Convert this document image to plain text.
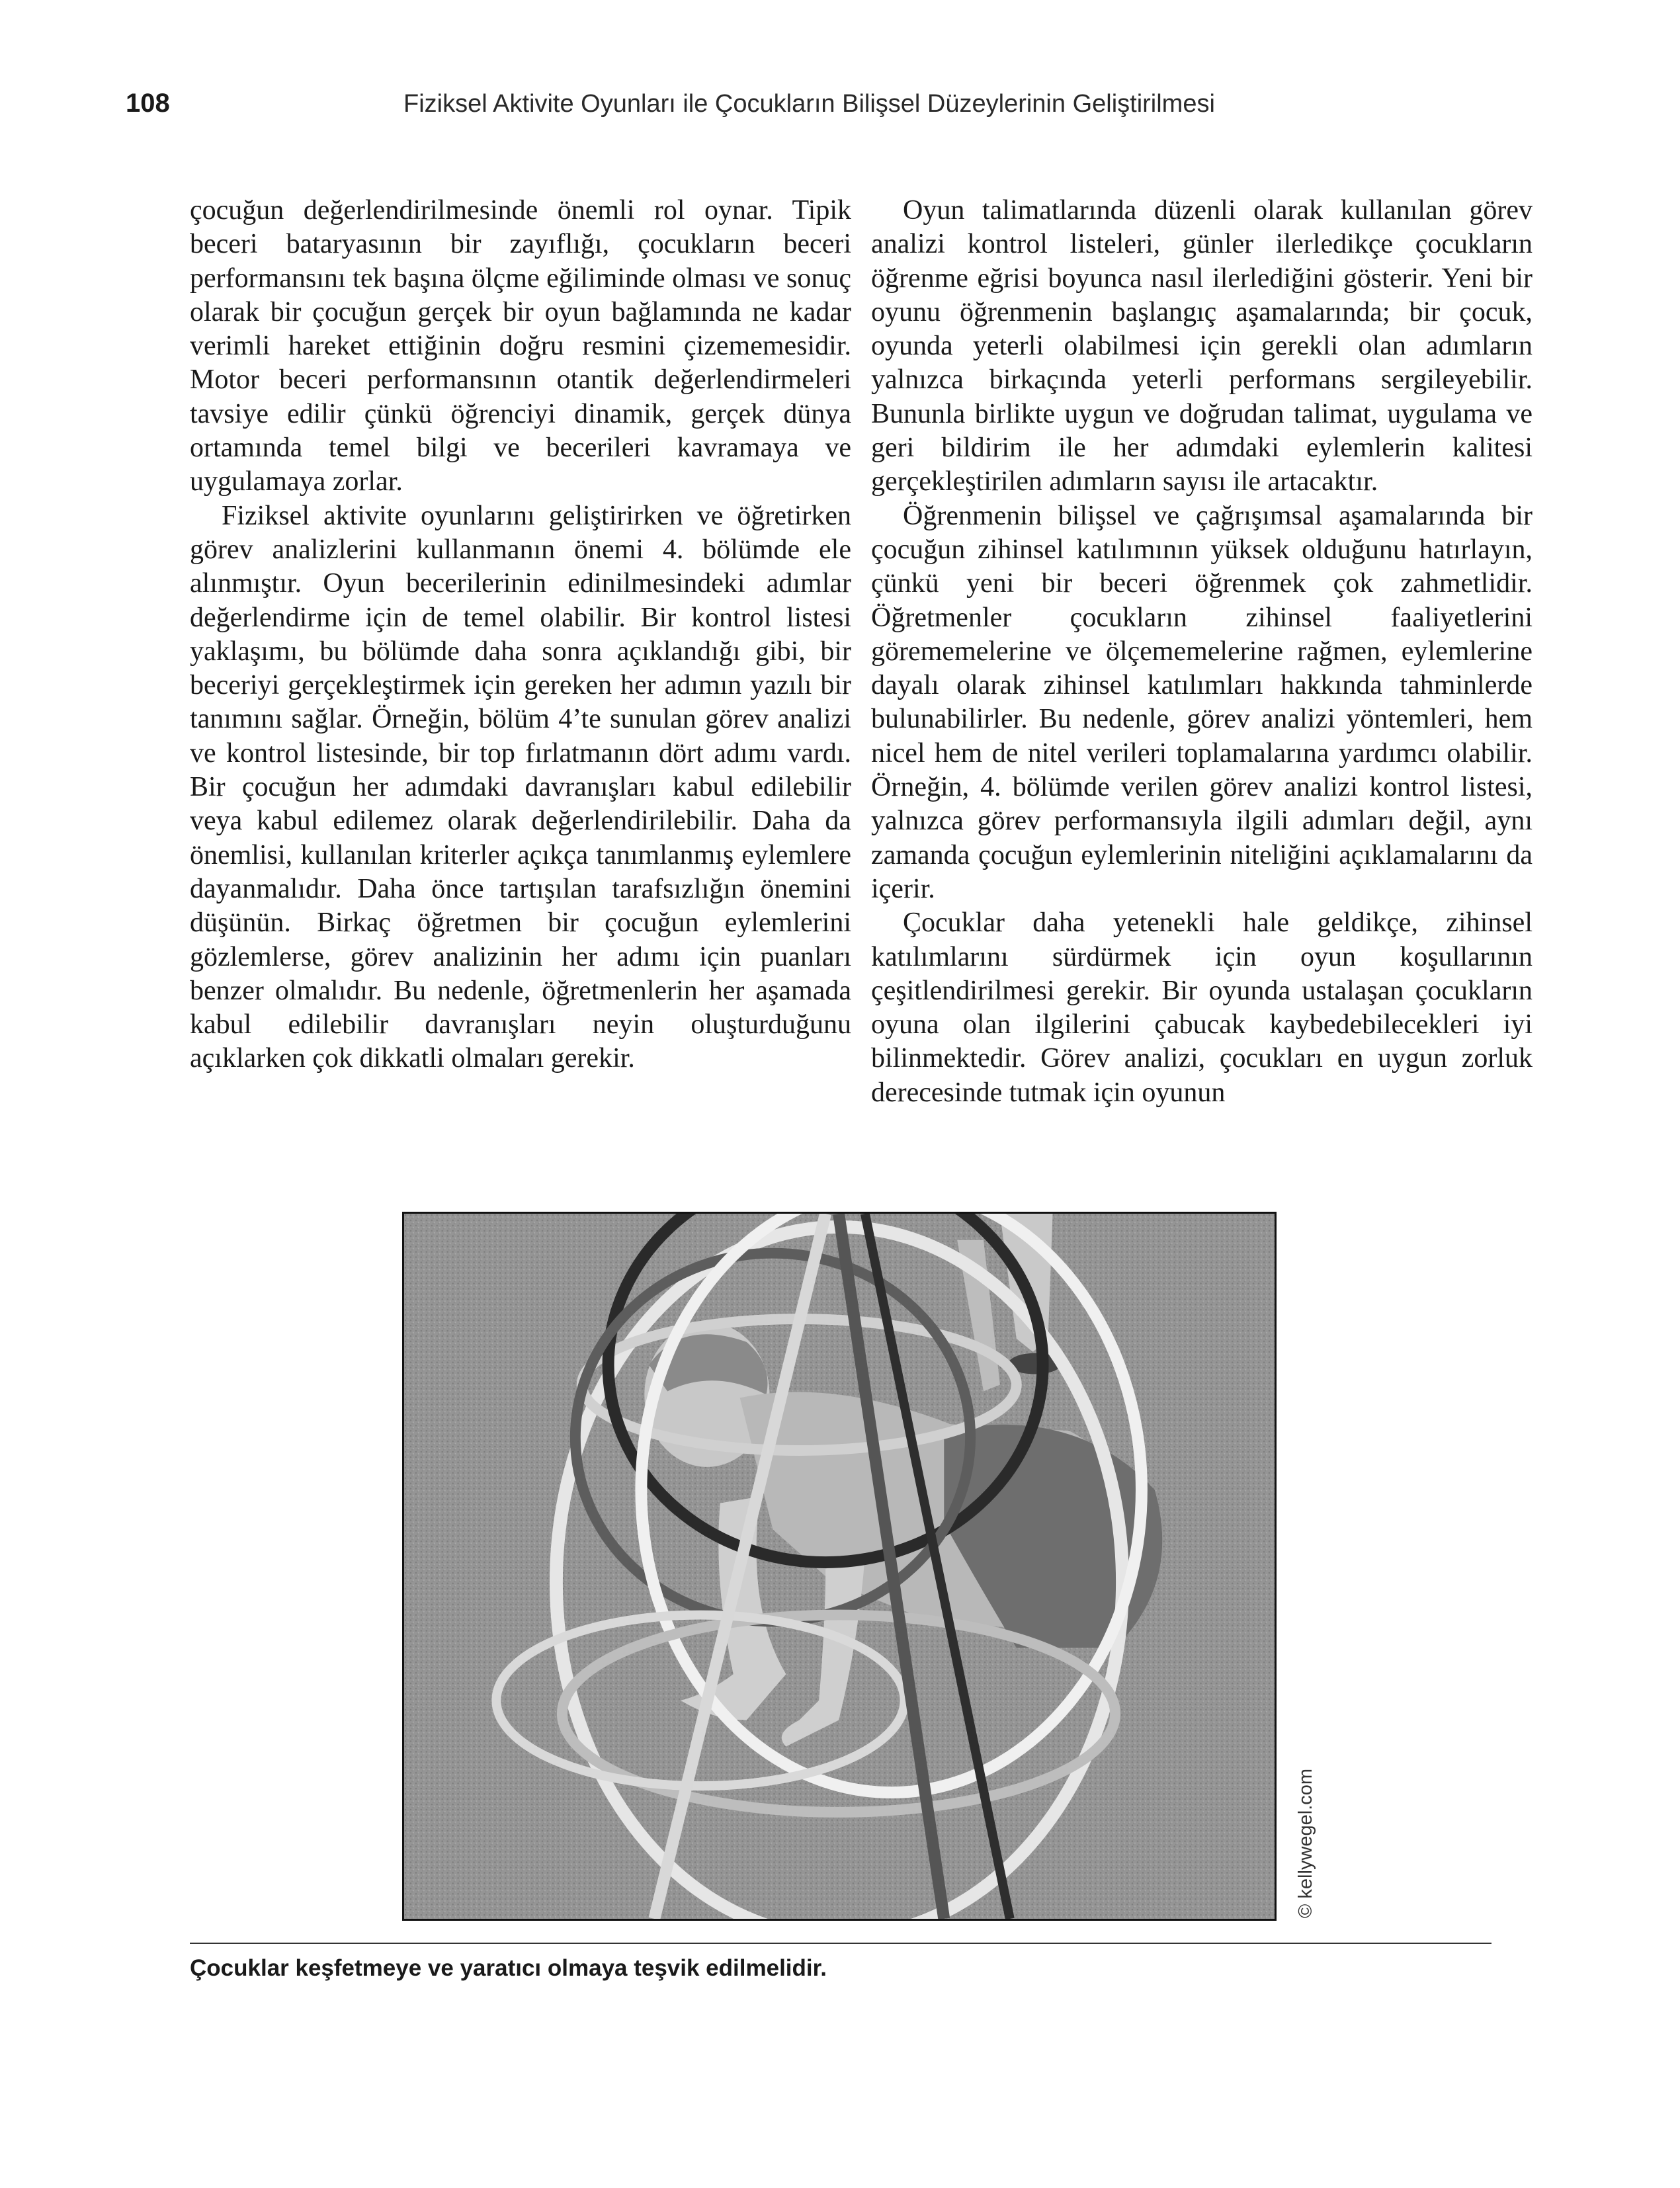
108	Fiziksel Aktivite Oyunları ile Çocukların Bilişsel Düzeylerinin Geliştirilmesi

çocuğun değerlendirilmesinde önemli rol oynar. Tipik beceri bataryasının bir zayıflığı, çocukların beceri performansını tek başına ölçme eğiliminde olması ve sonuç olarak bir çocuğun gerçek bir oyun bağlamında ne kadar verimli hareket ettiğinin doğru resmini çizememesidir. Motor beceri performansının otantik değerlendirmeleri tavsiye edilir çünkü öğrenciyi dinamik, gerçek dünya ortamında temel bilgi ve becerileri kavramaya ve uygulamaya zorlar.

Fiziksel aktivite oyunlarını geliştirirken ve öğretirken görev analizlerini kullanmanın önemi 4. bölümde ele alınmıştır. Oyun becerilerinin edinilmesindeki adımlar değerlendirme için de temel olabilir. Bir kontrol listesi yaklaşımı, bu bölümde daha sonra açıklandığı gibi, bir beceriyi gerçekleştirmek için gereken her adımın yazılı bir tanımını sağlar. Örneğin, bölüm 4’te sunulan görev analizi ve kontrol listesinde, bir top fırlatmanın dört adımı vardı. Bir çocuğun her adımdaki davranışları kabul edilebilir veya kabul edilemez olarak değerlendirilebilir. Daha da önemlisi, kullanılan kriterler açıkça tanımlanmış eylemlere dayanmalıdır. Daha önce tartışılan tarafsızlığın önemini düşünün. Birkaç öğretmen bir çocuğun eylemlerini gözlemlerse, görev analizinin her adımı için puanları benzer olmalıdır. Bu nedenle, öğretmenlerin her aşamada kabul edilebilir davranışları neyin oluşturduğunu açıklarken çok dikkatli olmaları gerekir.

Oyun talimatlarında düzenli olarak kullanılan görev analizi kontrol listeleri, günler ilerledikçe çocukların öğrenme eğrisi boyunca nasıl ilerlediğini gösterir. Yeni bir oyunu öğrenmenin başlangıç aşamalarında; bir çocuk, oyunda yeterli olabilmesi için gerekli olan adımların yalnızca birkaçında yeterli performans sergileyebilir. Bununla birlikte uygun ve doğrudan talimat, uygulama ve geri bildirim ile her adımdaki eylemlerin kalitesi gerçekleştirilen adımların sayısı ile artacaktır.

Öğrenmenin bilişsel ve çağrışımsal aşamalarında bir çocuğun zihinsel katılımının yüksek olduğunu hatırlayın, çünkü yeni bir beceri öğrenmek çok zahmetlidir. Öğretmenler çocukların zihinsel faaliyetlerini görememelerine ve ölçememelerine rağmen, eylemlerine dayalı olarak zihinsel katılımları hakkında tahminlerde bulunabilirler. Bu nedenle, görev analizi yöntemleri, hem nicel hem de nitel verileri toplamalarına yardımcı olabilir. Örneğin, 4. bölümde verilen görev analizi kontrol listesi, yalnızca görev performansıyla ilgili adımları değil, aynı zamanda çocuğun eylemlerinin niteliğini açıklamalarını da içerir.

Çocuklar daha yetenekli hale geldikçe, zihinsel katılımlarını sürdürmek için oyun koşullarının çeşitlendirilmesi gerekir. Bir oyunda ustalaşan çocukların oyuna olan ilgilerini çabucak kaybedebilecekleri iyi bilinmektedir. Görev analizi, çocukları en uygun zorluk derecesinde tutmak için oyunun

© kellywegel.com
Çocuklar keşfetmeye ve yaratıcı olmaya teşvik edilmelidir.
